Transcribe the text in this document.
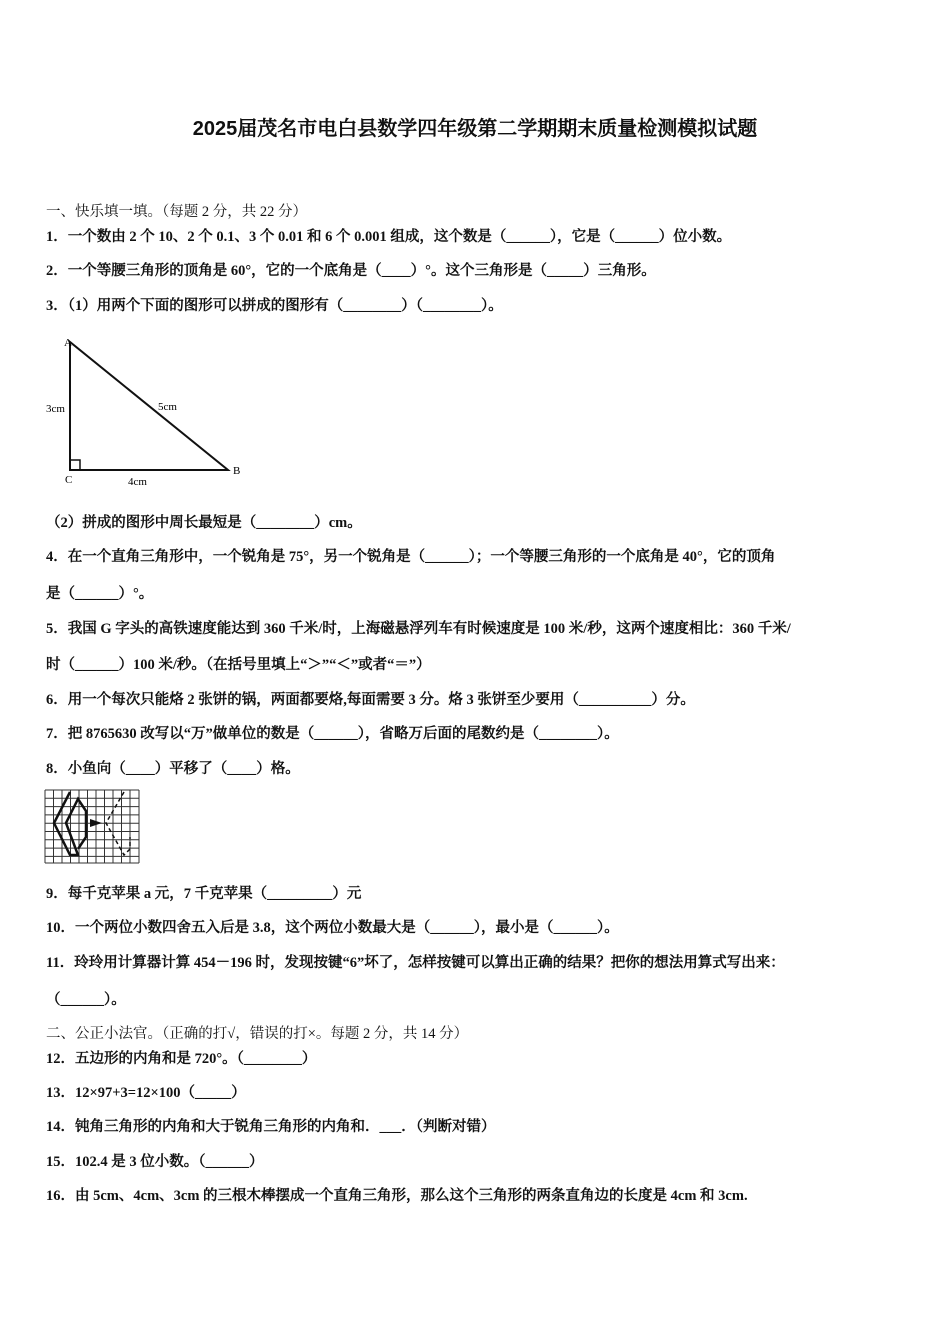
2025届茂名市电白县数学四年级第二学期期末质量检测模拟试题
一、快乐填一填。（每题 2 分，共 22 分）
1．一个数由 2 个 10、2 个 0.1、3 个 0.01 和 6 个 0.001 组成，这个数是（______），它是（______）位小数。
2．一个等腰三角形的顶角是 60°，它的一个底角是（____）°。这个三角形是（_____）三角形。
3．（1）用两个下面的图形可以拼成的图形有（________）（________）。
A
B
C
3cm	5cm
4cm
（2）拼成的图形中周长最短是（________）cm。
4．在一个直角三角形中，一个锐角是 75°，另一个锐角是（______）；一个等腰三角形的一个底角是 40°，它的顶角
是（______）°。
5．我国 G 字头的高铁速度能达到 360 千米/时，上海磁悬浮列车有时候速度是 100 米/秒，这两个速度相比：360 千米/
时（______）100 米/秒。（在括号里填上“＞”“＜”或者“＝”）
6．用一个每次只能烙 2 张饼的锅，两面都要烙,每面需要 3 分。烙 3 张饼至少要用（__________）分。
7．把 8765630 改写以“万”做单位的数是（______），省略万后面的尾数约是（________）。
8．小鱼向（____）平移了（____）格。
9．每千克苹果 a 元，7 千克苹果（_________）元
10．一个两位小数四舍五入后是 3.8，这个两位小数最大是（______），最小是（______）。
11．玲玲用计算器计算 454－196 时，发现按键“6”坏了，怎样按键可以算出正确的结果？把你的想法用算式写出来：
（______）。
二、公正小法官。（正确的打√，错误的打×。每题 2 分，共 14 分）
12．五边形的内角和是 720°。（________）
13．12×97+3=12×100（_____）
14．钝角三角形的内角和大于锐角三角形的内角和．___．（判断对错）
15．102.4 是 3 位小数。（______）
16．由 5cm、4cm、3cm 的三根木棒摆成一个直角三角形，那么这个三角形的两条直角边的长度是 4cm 和 3cm.
